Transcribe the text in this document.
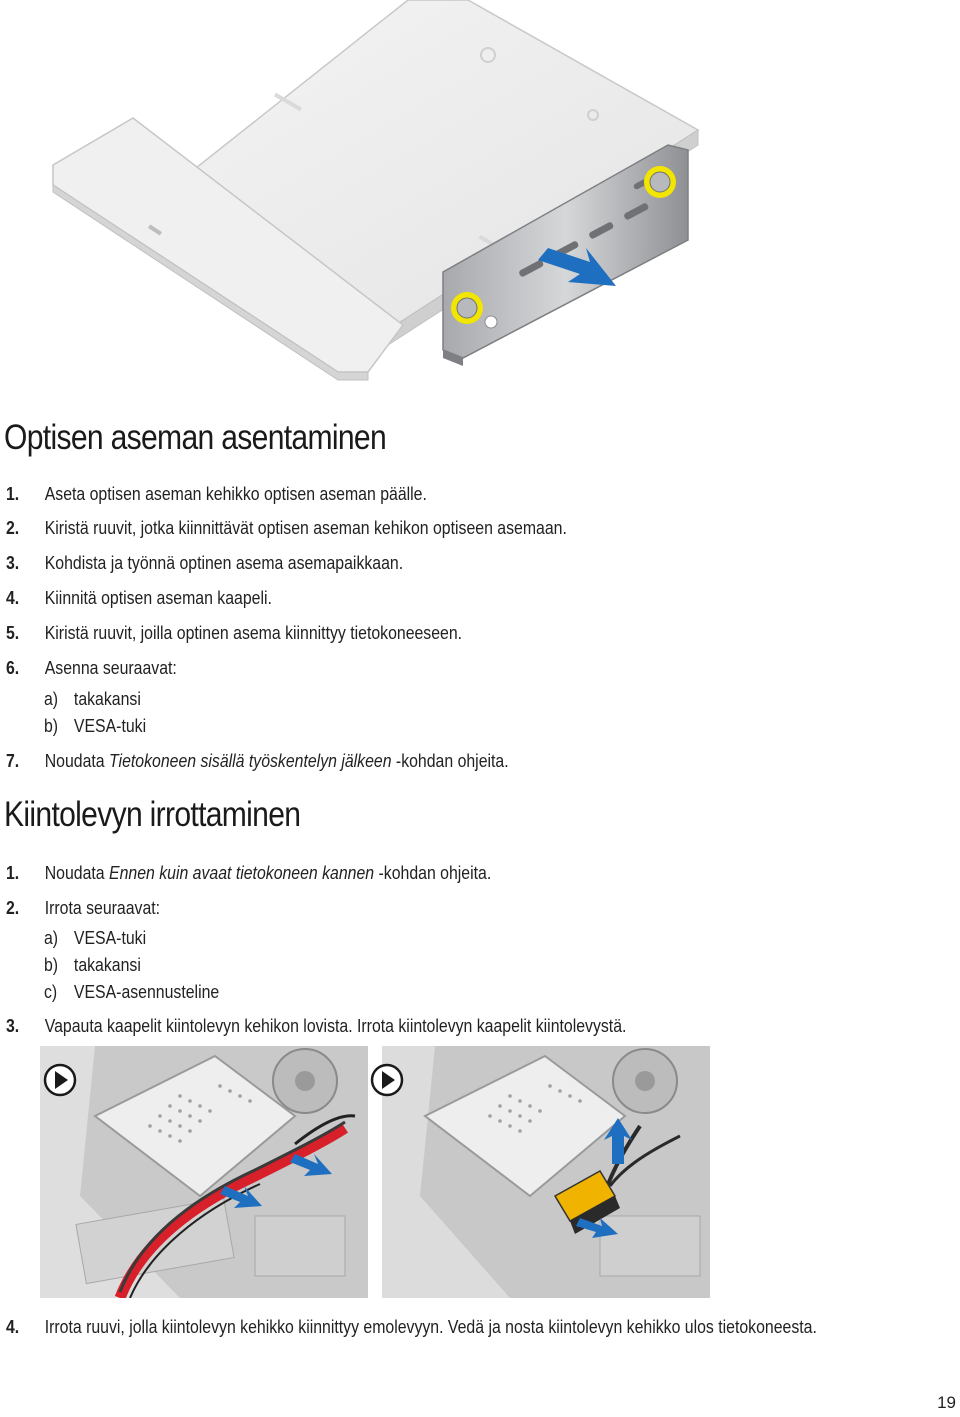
Optisen aseman asentaminen
1. Aseta optisen aseman kehikko optisen aseman päälle.
2. Kiristä ruuvit, jotka kiinnittävät optisen aseman kehikon optiseen asemaan.
3. Kohdista ja työnnä optinen asema asemapaikkaan.
4. Kiinnitä optisen aseman kaapeli.
5. Kiristä ruuvit, joilla optinen asema kiinnittyy tietokoneeseen.
6. Asenna seuraavat:
a) takakansi
b) VESA-tuki
7. Noudata Tietokoneen sisällä työskentelyn jälkeen -kohdan ohjeita.
Kiintolevyn irrottaminen
1. Noudata Ennen kuin avaat tietokoneen kannen -kohdan ohjeita.
2. Irrota seuraavat:
a) VESA-tuki
b) takakansi
c) VESA-asennusteline
3. Vapauta kaapelit kiintolevyn kehikon lovista. Irrota kiintolevyn kaapelit kiintolevystä.
4. Irrota ruuvi, jolla kiintolevyn kehikko kiinnittyy emolevyyn. Vedä ja nosta kiintolevyn kehikko ulos tietokoneesta.
19
